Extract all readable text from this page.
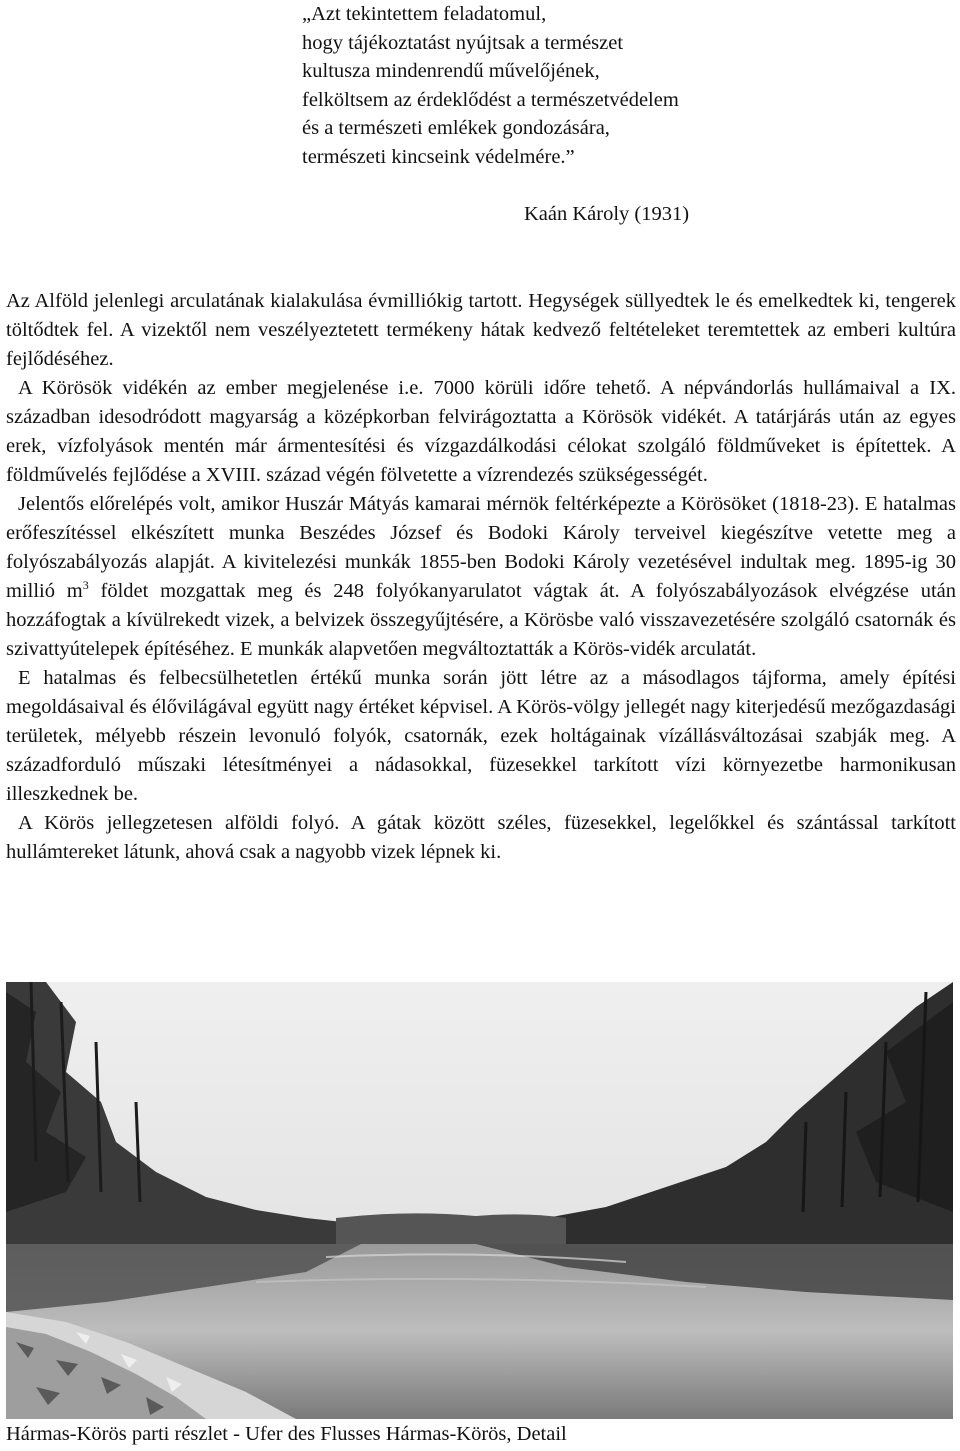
„Azt tekintettem feladatomul,
hogy tájékoztatást nyújtsak a természet
kultusza mindenrendű művelőjének,
felköltsem az érdeklődést a természetvédelem
és a természeti emlékek gondozására,
természeti kincseink védelmére.”
Kaán Károly (1931)

Az Alföld jelenlegi arculatának kialakulása évmilliókig tartott. Hegységek süllyedtek le és emelkedtek ki, tengerek töltődtek fel. A vizektől nem veszélyeztetett termékeny hátak kedvező feltételeket teremtettek az emberi kultúra fejlődéséhez.

A Körösök vidékén az ember megjelenése i.e. 7000 körüli időre tehető. A népvándorlás hullámaival a IX. században idesodródott magyarság a középkorban felvirágoztatta a Körösök vidékét. A tatárjárás után az egyes erek, vízfolyások mentén már ármentesítési és vízgazdálkodási célokat szolgáló földműveket is építettek. A földművelés fejlődése a XVIII. század végén fölvetette a vízrendezés szükségességét.

Jelentős előrelépés volt, amikor Huszár Mátyás kamarai mérnök feltérképezte a Körösöket (1818-23). E hatalmas erőfeszítéssel elkészített munka Beszédes József és Bodoki Károly terveivel kiegészítve vetette meg a folyószabályozás alapját. A kivitelezési munkák 1855-ben Bodoki Károly vezetésével indultak meg. 1895-ig 30 millió $m^3$ földet mozgattak meg és 248 folyókanyarulatot vágtak át. A folyószabályozások elvégzése után hozzáfogtak a kívülrekedt vizek, a belvizek összegyűjtésére, a Körösbe való visszavezetésére szolgáló csatornák és szivattyútelepek építéséhez. E munkák alapvetően megváltoztatták a Körös-vidék arculatát.

E hatalmas és felbecsülhetetlen értékű munka során jött létre az a másodlagos tájforma, amely építési megoldásaival és élővilágával együtt nagy értéket képvisel. A Körös-völgy jellegét nagy kiterjedésű mezőgazdasági területek, mélyebb részein levonuló folyók, csatornák, ezek holtágainak vízállásváltozásai szabják meg. A századforduló műszaki létesítményei a nádasokkal, füzesekkel tarkított vízi környezetbe harmonikusan illeszkednek be.

A Körös jellegzetesen alföldi folyó. A gátak között széles, füzesekkel, legelőkkel és szántással tarkított hullámtereket látunk, ahová csak a nagyobb vizek lépnek ki.

Hármas-Körös parti részlet - Ufer des Flusses Hármas-Körös, Detail
